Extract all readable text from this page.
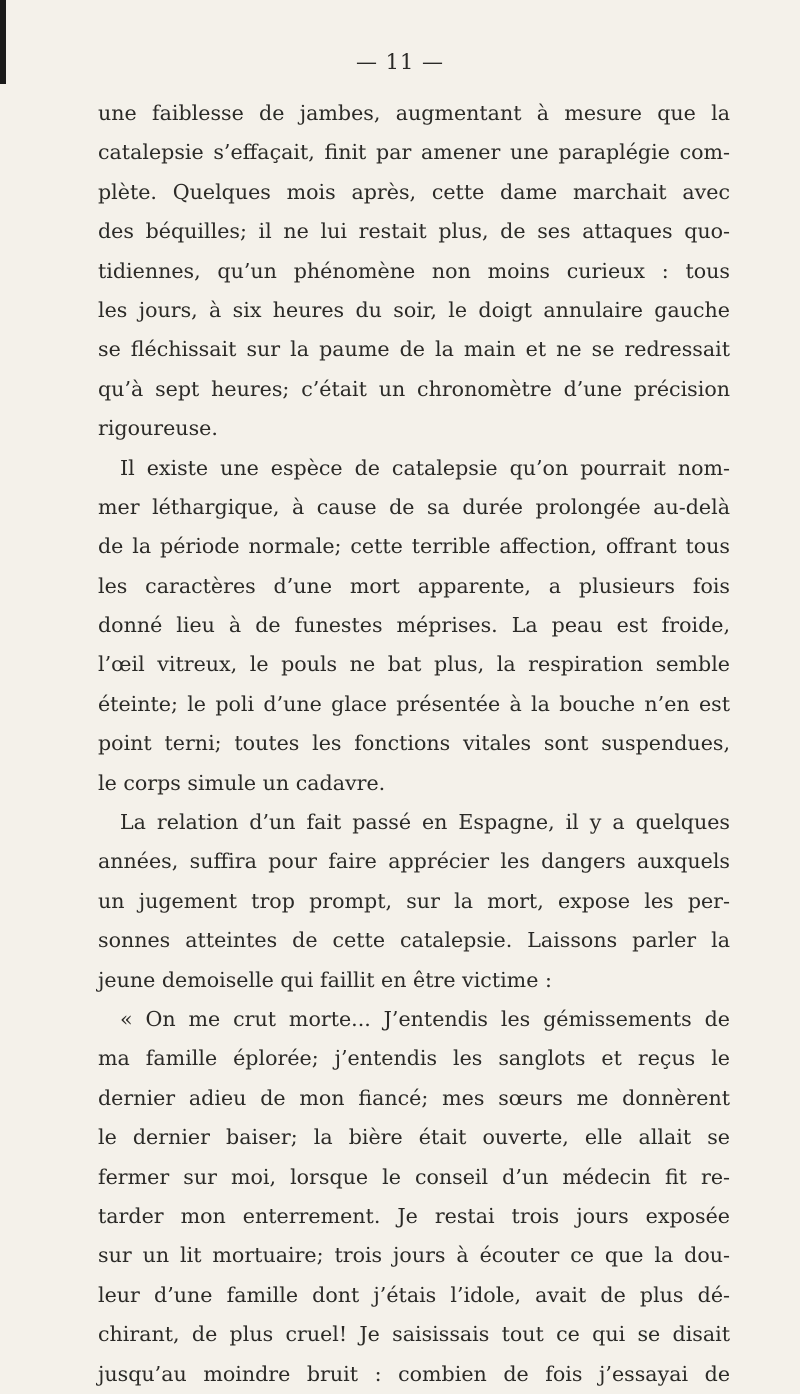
— 11 —
une faiblesse de jambes, augmentant à mesure que la
catalepsie s’effaçait, finit par amener une paraplégie com-
plète. Quelques mois après, cette dame marchait avec
des béquilles; il ne lui restait plus, de ses attaques quo-
tidiennes, qu’un phénomène non moins curieux : tous
les jours, à six heures du soir, le doigt annulaire gauche
se fléchissait sur la paume de la main et ne se redressait
qu’à sept heures; c’était un chronomètre d’une précision
rigoureuse.
Il existe une espèce de catalepsie qu’on pourrait nom-
mer léthargique, à cause de sa durée prolongée au-delà
de la période normale; cette terrible affection, offrant tous
les caractères d’une mort apparente, a plusieurs fois
donné lieu à de funestes méprises. La peau est froide,
l’œil vitreux, le pouls ne bat plus, la respiration semble
éteinte; le poli d’une glace présentée à la bouche n’en est
point terni; toutes les fonctions vitales sont suspendues,
le corps simule un cadavre.
La relation d’un fait passé en Espagne, il y a quelques
années, suffira pour faire apprécier les dangers auxquels
un jugement trop prompt, sur la mort, expose les per-
sonnes atteintes de cette catalepsie. Laissons parler la
jeune demoiselle qui faillit en être victime :
« On me crut morte... J’entendis les gémissements de
ma famille éplorée; j’entendis les sanglots et reçus le
dernier adieu de mon fiancé; mes sœurs me donnèrent
le dernier baiser; la bière était ouverte, elle allait se
fermer sur moi, lorsque le conseil d’un médecin fit re-
tarder mon enterrement. Je restai trois jours exposée
sur un lit mortuaire; trois jours à écouter ce que la dou-
leur d’une famille dont j’étais l’idole, avait de plus dé-
chirant, de plus cruel! Je saisissais tout ce qui se disait
jusqu’au moindre bruit : combien de fois j’essayai de
